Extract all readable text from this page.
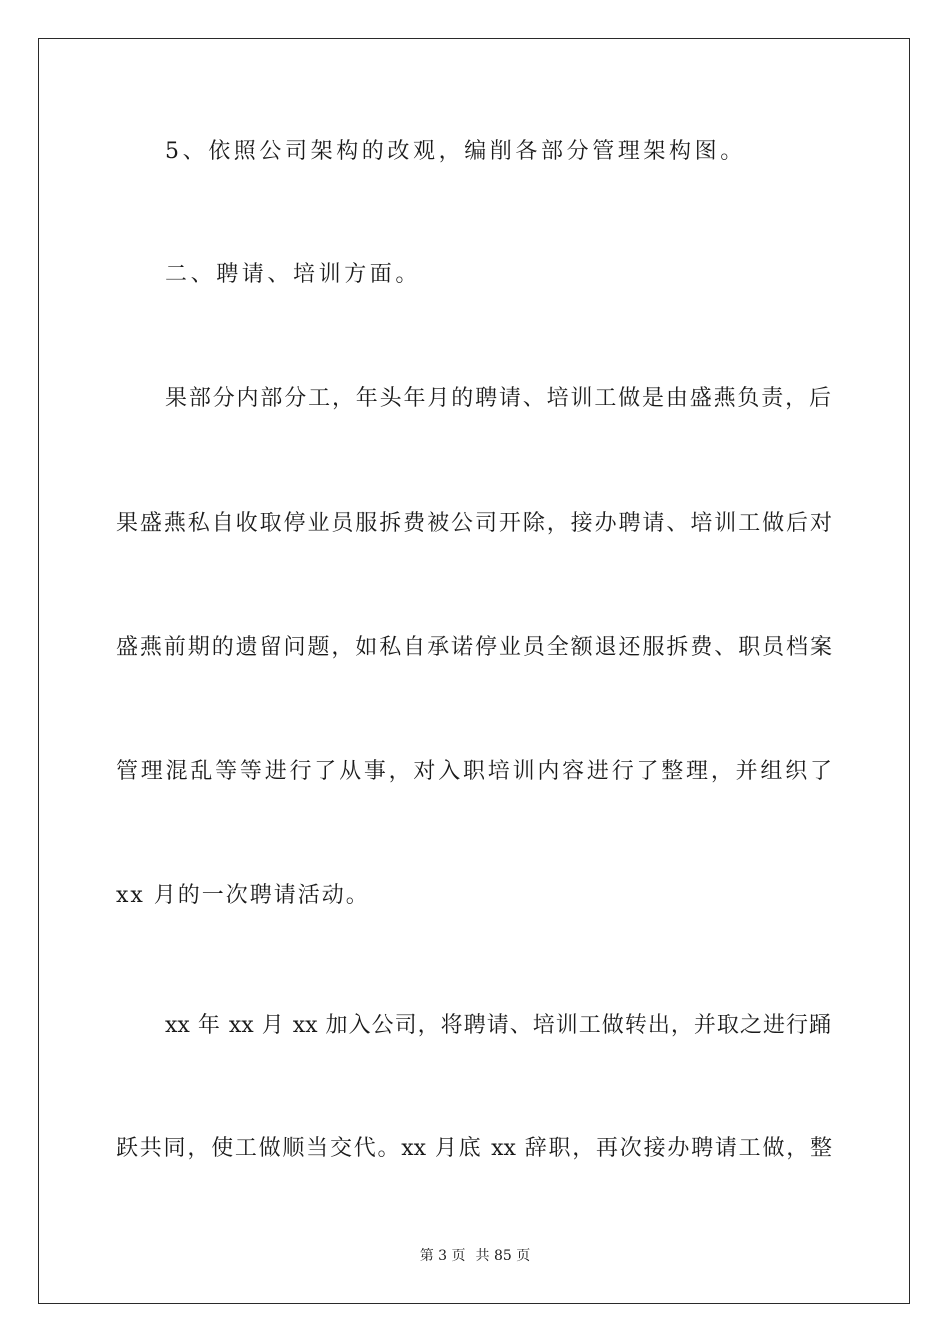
5、依照公司架构的改观，编削各部分管理架构图。
二、聘请、培训方面。
果部分内部分工，年头年月的聘请、培训工做是由盛燕负责，后
果盛燕私自收取停业员服拆费被公司开除，接办聘请、培训工做后对
盛燕前期的遗留问题，如私自承诺停业员全额退还服拆费、职员档案
管理混乱等等进行了从事，对入职培训内容进行了整理，并组织了
xx 月的一次聘请活动。
xx 年 xx 月 xx 加入公司，将聘请、培训工做转出，并取之进行踊
跃共同，使工做顺当交代。xx 月底 xx 辞职，再次接办聘请工做，整
第 3 页 共 85 页
